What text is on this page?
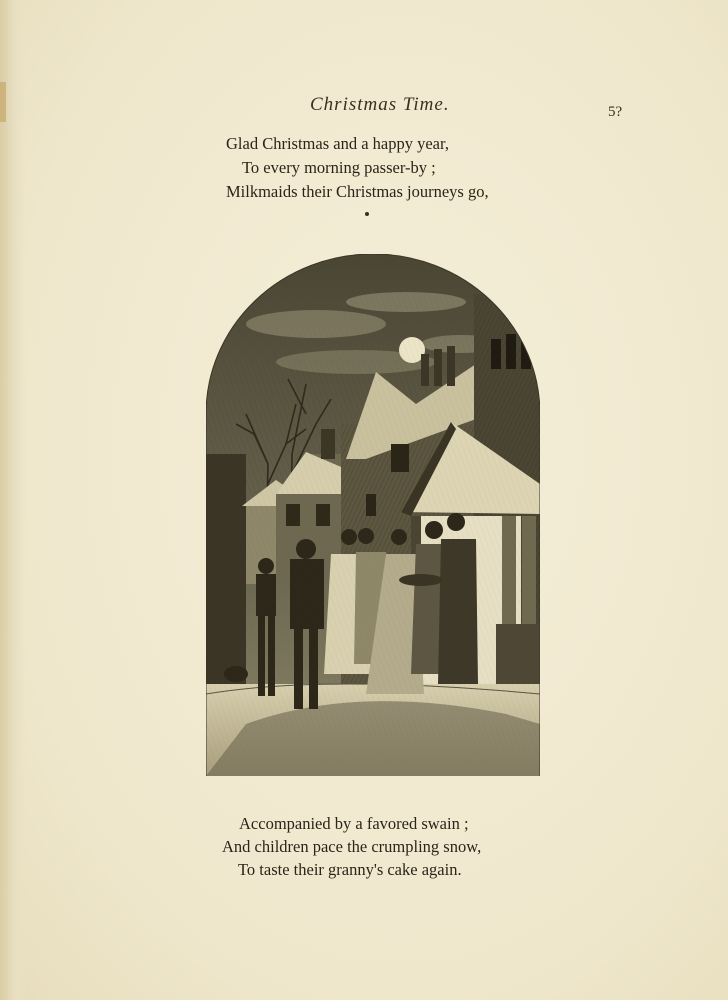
Christmas Time.	5?
Glad Christmas and a happy year,
To every morning passer-by ;
Milkmaids their Christmas journeys go,
Accompanied by a favored swain ;
And children pace the crumpling snow,
To taste their granny's cake again.
